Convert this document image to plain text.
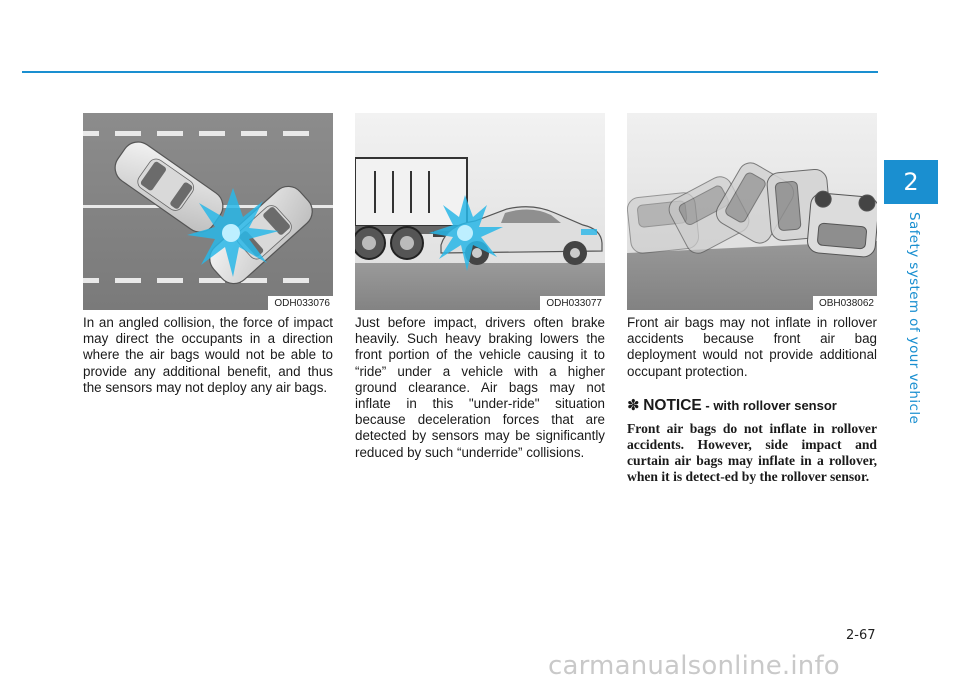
2
Safety system of your vehicle
ODH033076

In an angled collision, the force of impact may direct the occupants in a direction where the air bags would not be able to provide any additional benefit, and thus the sensors may not deploy any air bags.

ODH033077

Just before impact, drivers often brake heavily. Such heavy braking lowers the front portion of the vehicle causing it to “ride” under a vehicle with a higher ground clearance. Air bags may not inflate in this "under-ride" situation because deceleration forces that are detected by sensors may be significantly reduced by such “underride” collisions.

OBH038062

Front air bags may not inflate in rollover accidents because front air bag deployment would not provide additional occupant protection.

✽ NOTICE - with rollover sensor

Front air bags do not inflate in rollover accidents. However, side impact and curtain air bags may inflate in a rollover, when it is detect-ed by the rollover sensor.

2-67
carmanualsonline.info
